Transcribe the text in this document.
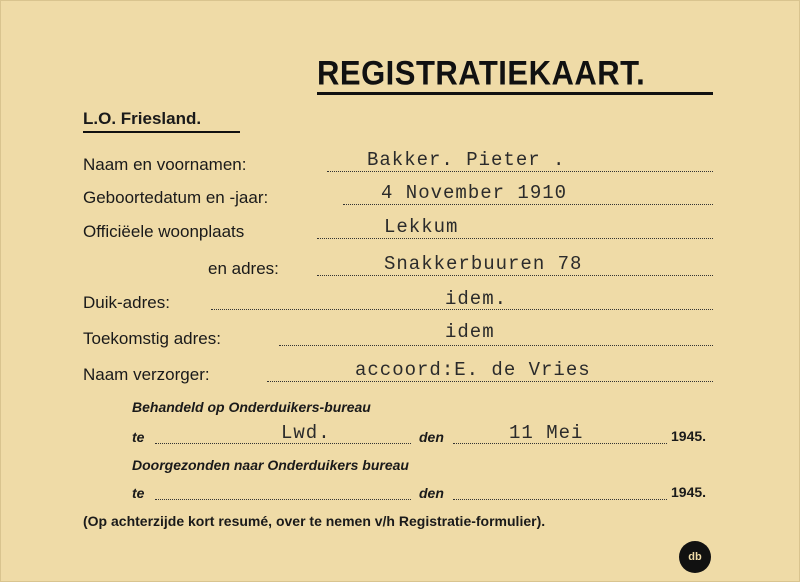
REGISTRATIEKAART.
L.O. Friesland.
Naam en voornamen:	Bakker. Pieter .
Geboortedatum en -jaar:	4 November 1910
Officiëele woonplaats	Lekkum
en adres:	Snakkerbuuren 78
Duik-adres:	idem.
Toekomstig adres:	idem
Naam verzorger:	accoord:E. de Vries
Behandeld op Onderduikers-bureau
te	Lwd.	den	11 Mei	1945.
Doorgezonden naar Onderduikers bureau
te	den	1945.
(Op achterzijde kort resumé, over te nemen v/h Registratie-formulier).
db
